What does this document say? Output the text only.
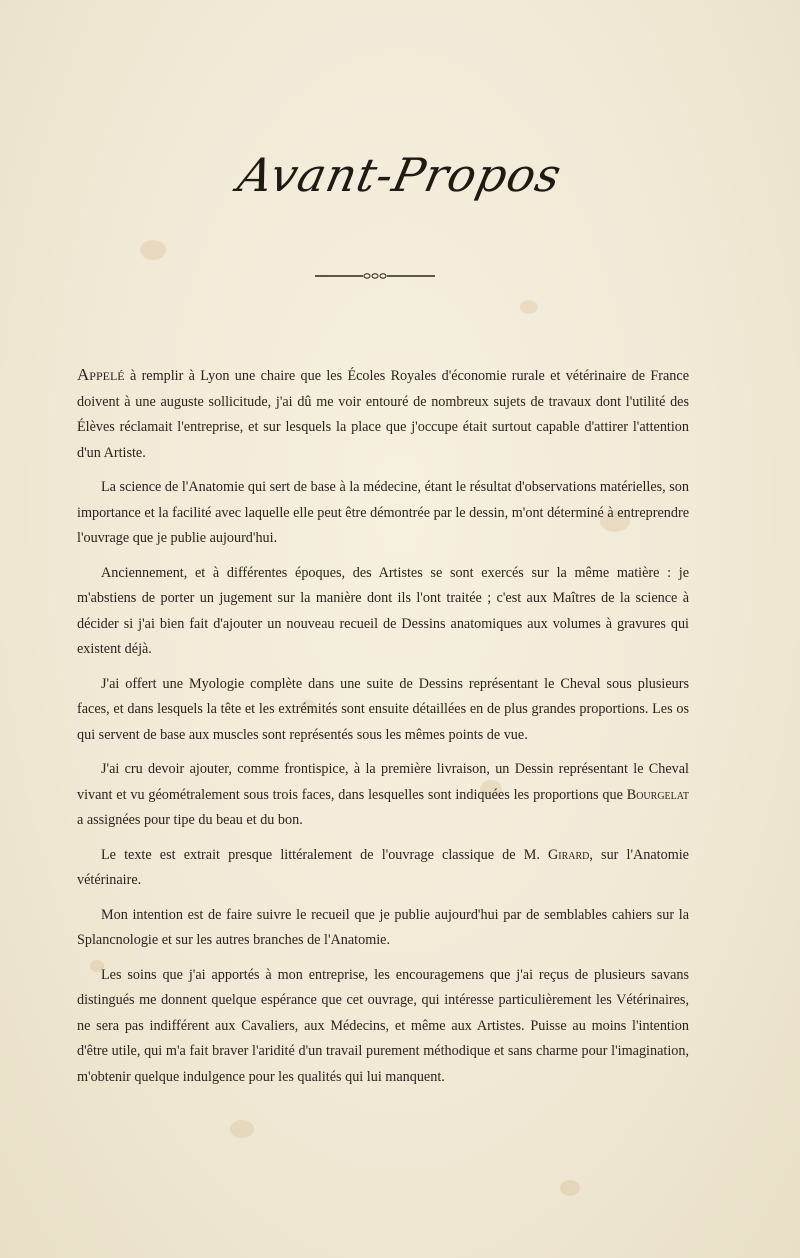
Avant-Propos

Appelé à remplir à Lyon une chaire que les Écoles Royales d'économie rurale et vétérinaire de France doivent à une auguste sollicitude, j'ai dû me voir entouré de nombreux sujets de travaux dont l'utilité des Élèves réclamait l'entreprise, et sur lesquels la place que j'occupe était surtout capable d'attirer l'attention d'un Artiste.

La science de l'Anatomie qui sert de base à la médecine, étant le résultat d'observations matérielles, son importance et la facilité avec laquelle elle peut être démontrée par le dessin, m'ont déterminé à entreprendre l'ouvrage que je publie aujourd'hui.

Anciennement, et à différentes époques, des Artistes se sont exercés sur la même matière : je m'abstiens de porter un jugement sur la manière dont ils l'ont traitée ; c'est aux Maîtres de la science à décider si j'ai bien fait d'ajouter un nouveau recueil de Dessins anatomiques aux volumes à gravures qui existent déjà.

J'ai offert une Myologie complète dans une suite de Dessins représentant le Cheval sous plusieurs faces, et dans lesquels la tête et les extrémités sont ensuite détaillées en de plus grandes proportions. Les os qui servent de base aux muscles sont représentés sous les mêmes points de vue.

J'ai cru devoir ajouter, comme frontispice, à la première livraison, un Dessin représentant le Cheval vivant et vu géométralement sous trois faces, dans lesquelles sont indiquées les proportions que Bourgelat a assignées pour tipe du beau et du bon.

Le texte est extrait presque littéralement de l'ouvrage classique de M. Girard, sur l'Anatomie vétérinaire.

Mon intention est de faire suivre le recueil que je publie aujourd'hui par de semblables cahiers sur la Splancnologie et sur les autres branches de l'Anatomie.

Les soins que j'ai apportés à mon entreprise, les encouragemens que j'ai reçus de plusieurs savans distingués me donnent quelque espérance que cet ouvrage, qui intéresse particulièrement les Vétérinaires, ne sera pas indifférent aux Cavaliers, aux Médecins, et même aux Artistes. Puisse au moins l'intention d'être utile, qui m'a fait braver l'aridité d'un travail purement méthodique et sans charme pour l'imagination, m'obtenir quelque indulgence pour les qualités qui lui manquent.
